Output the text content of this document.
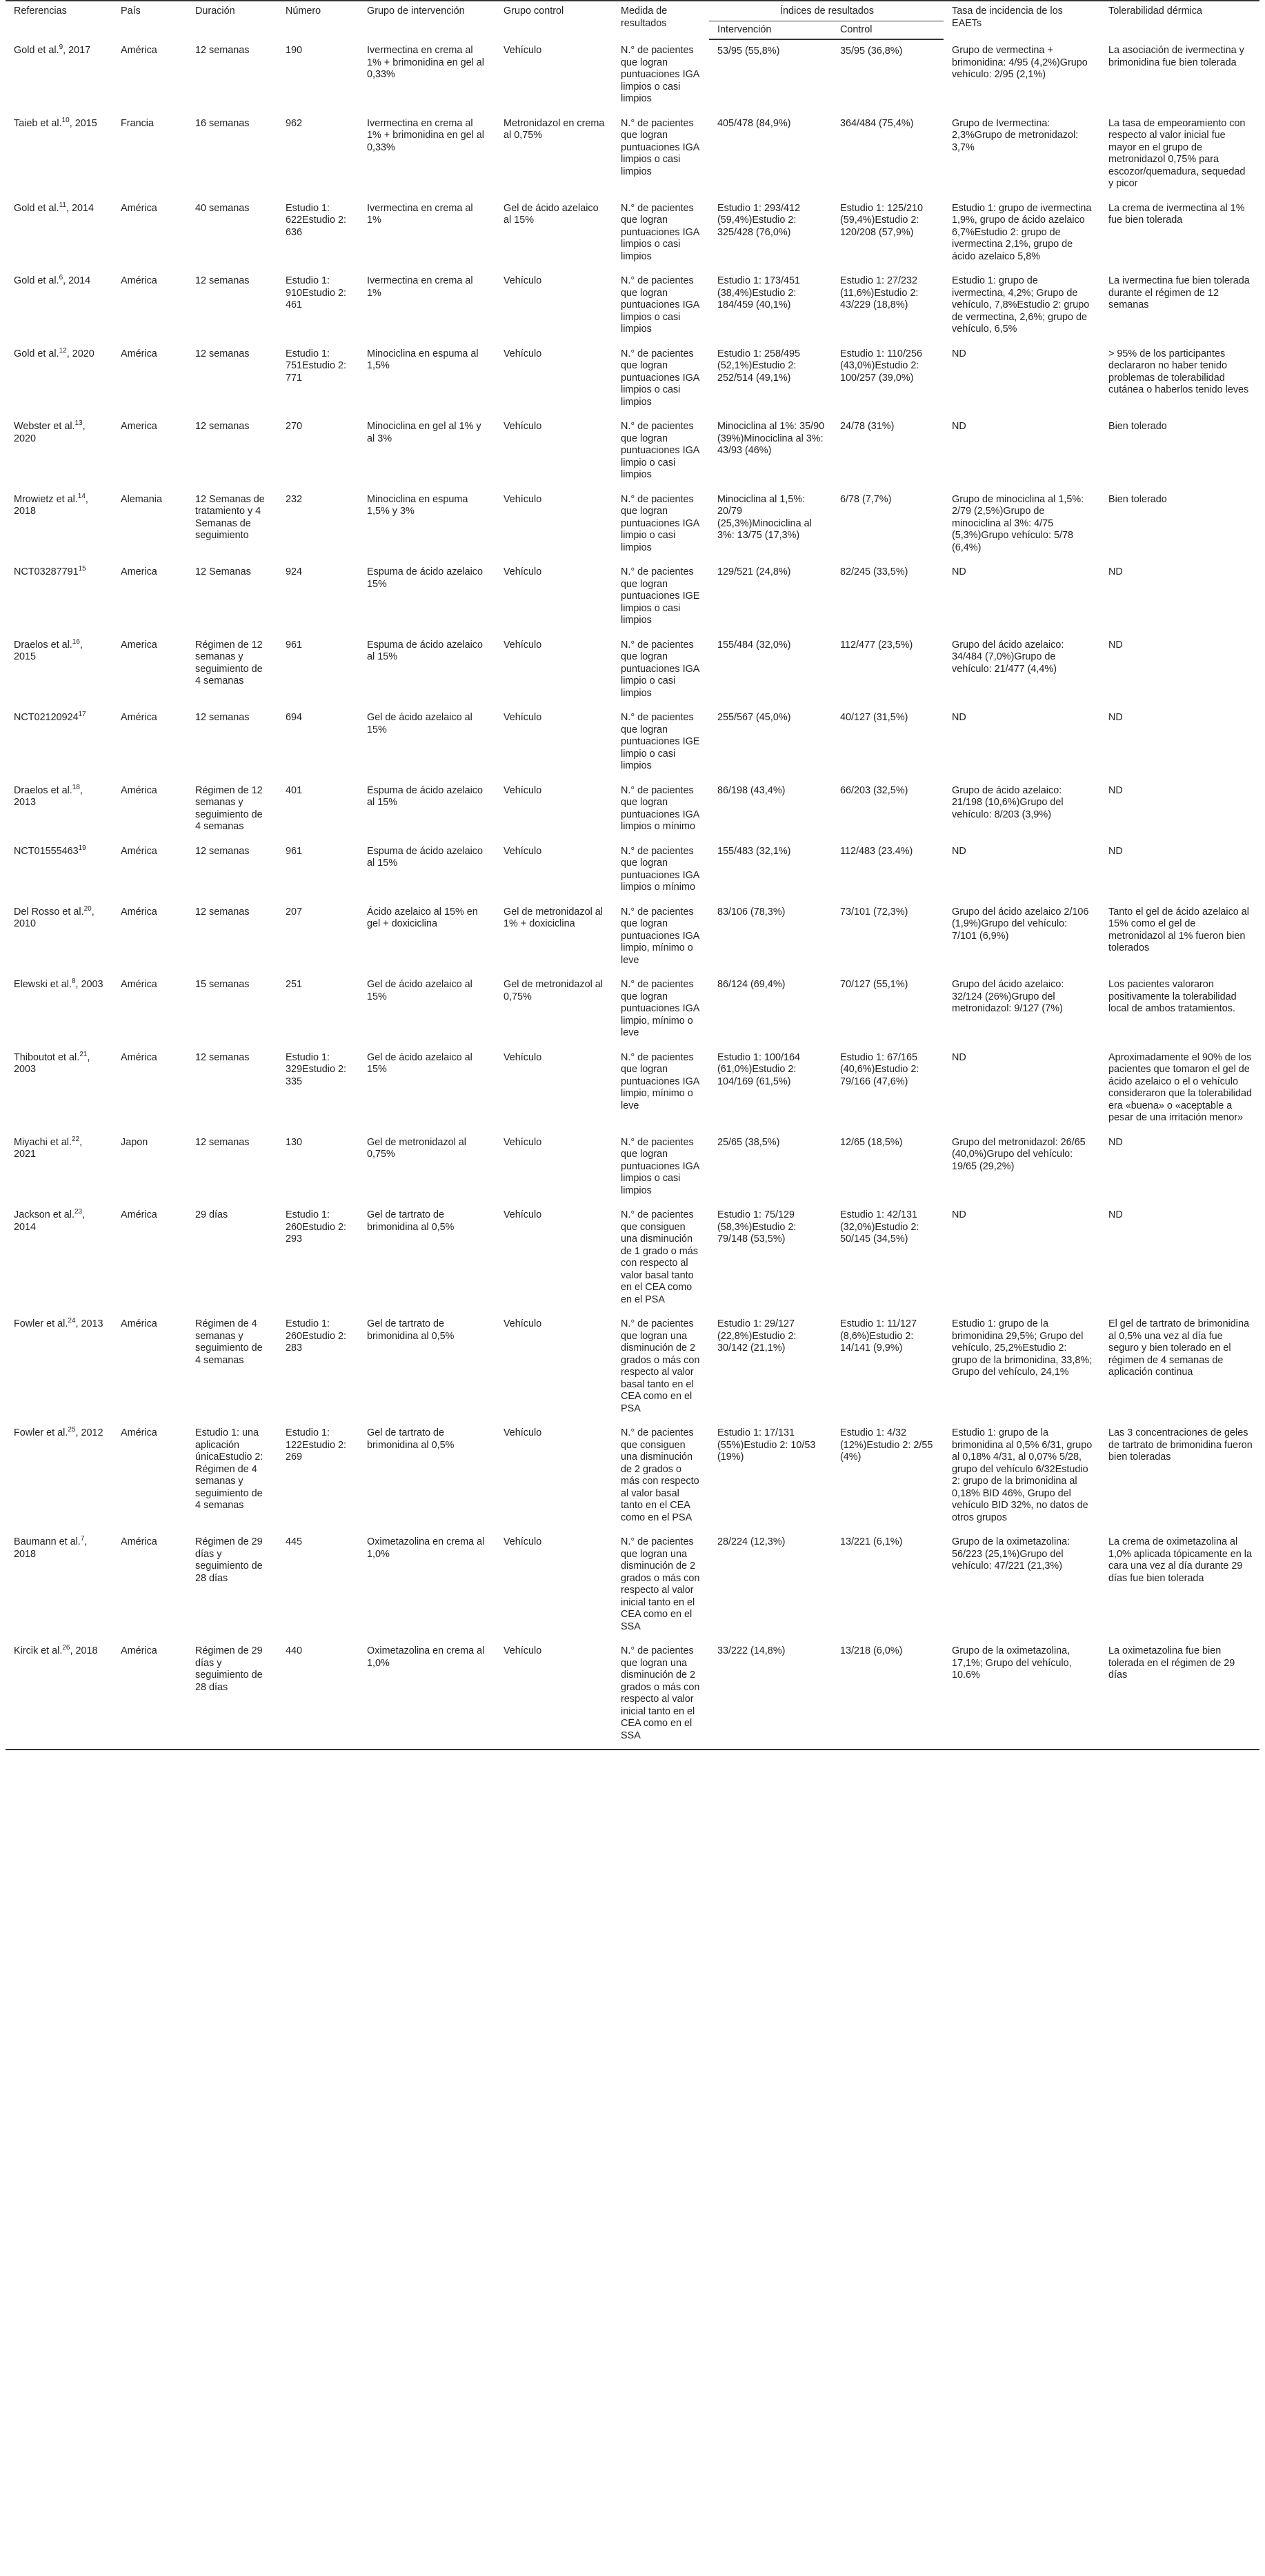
Referencias	País	Duración	Número	Grupo de intervención	Grupo control	Medida de resultados	Índices de resultados		Tasa de incidencia de los EAETs	Tolerabilidad dérmica
							Intervención	Control		
Gold et al.$^9$, 2017	América	12 semanas	190	Ivermectina en crema al 1% + brimonidina en gel al 0,33%	Vehículo	N.° de pacientes que logran puntuaciones IGA limpios o casi limpios	53/95 (55,8%)	35/95 (36,8%)	Grupo de vermectina + brimonidina: 4/95 (4,2%)Grupo vehículo: 2/95 (2,1%)	La asociación de ivermectina y brimonidina fue bien tolerada
Taieb et al.$^{10}$, 2015	Francia	16 semanas	962	Ivermectina en crema al 1% + brimonidina en gel al 0,33%	Metronidazol en crema al 0,75%	N.° de pacientes que logran puntuaciones IGA limpios o casi limpios	405/478 (84,9%)	364/484 (75,4%)	Grupo de Ivermectina: 2,3%Grupo de metronidazol: 3,7%	La tasa de empeoramiento con respecto al valor inicial fue mayor en el grupo de metronidazol 0,75% para escozor/quemadura, sequedad y picor
Gold et al.$^{11}$, 2014	América	40 semanas	Estudio 1: 622Estudio 2: 636	Ivermectina en crema al 1%	Gel de ácido azelaico al 15%	N.° de pacientes que logran puntuaciones IGA limpios o casi limpios	Estudio 1: 293/412 (59,4%)Estudio 2: 325/428 (76,0%)	Estudio 1: 125/210 (59,4%)Estudio 2: 120/208 (57,9%)	Estudio 1: grupo de ivermectina 1,9%, grupo de ácido azelaico 6,7%Estudio 2: grupo de ivermectina 2,1%, grupo de ácido azelaico 5,8%	La crema de ivermectina al 1% fue bien tolerada
Gold et al.$^6$, 2014	América	12 semanas	Estudio 1: 910Estudio 2: 461	Ivermectina en crema al 1%	Vehículo	N.° de pacientes que logran puntuaciones IGA limpios o casi limpios	Estudio 1: 173/451 (38,4%)Estudio 2: 184/459 (40,1%)	Estudio 1: 27/232 (11,6%)Estudio 2: 43/229 (18,8%)	Estudio 1: grupo de ivermectina, 4,2%; Grupo de vehículo, 7,8%Estudio 2: grupo de vermectina, 2,6%; grupo de vehículo, 6,5%	La ivermectina fue bien tolerada durante el régimen de 12 semanas
Gold et al.$^{12}$, 2020	América	12 semanas	Estudio 1: 751Estudio 2: 771	Minociclina en espuma al 1,5%	Vehículo	N.° de pacientes que logran puntuaciones IGA limpios o casi limpios	Estudio 1: 258/495 (52,1%)Estudio 2: 252/514 (49,1%)	Estudio 1: 110/256 (43,0%)Estudio 2: 100/257 (39,0%)	ND	> 95% de los participantes declararon no haber tenido problemas de tolerabilidad cutánea o haberlos tenido leves
Webster et al.$^{13}$, 2020	America	12 semanas	270	Minociclina en gel al 1% y al 3%	Vehículo	N.° de pacientes que logran puntuaciones IGA limpio o casi limpios	Minociclina al 1%: 35/90 (39%)Minociclina al 3%: 43/93 (46%)	24/78 (31%)	ND	Bien tolerado
Mrowietz et al.$^{14}$, 2018	Alemania	12 Semanas de tratamiento y 4 Semanas de seguimiento	232	Minociclina en espuma 1,5% y 3%	Vehículo	N.° de pacientes que logran puntuaciones IGA limpio o casi limpios	Minociclina al 1,5%: 20/79 (25,3%)Minociclina al 3%: 13/75 (17,3%)	6/78 (7,7%)	Grupo de minociclina al 1,5%: 2/79 (2,5%)Grupo de minociclina al 3%: 4/75 (5,3%)Grupo vehículo: 5/78 (6,4%)	Bien tolerado
NCT03287791$^{15}$	America	12 Semanas	924	Espuma de ácido azelaico 15%	Vehículo	N.° de pacientes que logran puntuaciones IGE limpios o casi limpios	129/521 (24,8%)	82/245 (33,5%)	ND	ND
Draelos et al.$^{16}$, 2015	America	Régimen de 12 semanas y seguimiento de 4 semanas	961	Espuma de ácido azelaico al 15%	Vehículo	N.° de pacientes que logran puntuaciones IGA limpio o casi limpios	155/484 (32,0%)	112/477 (23,5%)	Grupo del ácido azelaico: 34/484 (7,0%)Grupo de vehículo: 21/477 (4,4%)	ND
NCT02120924$^{17}$	América	12 semanas	694	Gel de ácido azelaico al 15%	Vehículo	N.° de pacientes que logran puntuaciones IGE limpio o casi limpios	255/567 (45,0%)	40/127 (31,5%)	ND	ND
Draelos et al.$^{18}$, 2013	América	Régimen de 12 semanas y seguimiento de 4 semanas	401	Espuma de ácido azelaico al 15%	Vehículo	N.° de pacientes que logran puntuaciones IGA limpios o mínimo	86/198 (43,4%)	66/203 (32,5%)	Grupo de ácido azelaico: 21/198 (10,6%)Grupo del vehículo: 8/203 (3,9%)	ND
NCT01555463$^{19}$	América	12 semanas	961	Espuma de ácido azelaico al 15%	Vehículo	N.° de pacientes que logran puntuaciones IGA limpios o mínimo	155/483 (32,1%)	112/483 (23.4%)	ND	ND
Del Rosso et al.$^{20}$, 2010	América	12 semanas	207	Ácido azelaico al 15% en gel + doxiciclina	Gel de metronidazol al 1% + doxiciclina	N.° de pacientes que logran puntuaciones IGA limpio, mínimo o leve	83/106 (78,3%)	73/101 (72,3%)	Grupo del ácido azelaico 2/106 (1,9%)Grupo del vehículo: 7/101 (6,9%)	Tanto el gel de ácido azelaico al 15% como el gel de metronidazol al 1% fueron bien tolerados
Elewski et al.$^8$, 2003	América	15 semanas	251	Gel de ácido azelaico al 15%	Gel de metronidazol al 0,75%	N.° de pacientes que logran puntuaciones IGA limpio, mínimo o leve	86/124 (69,4%)	70/127 (55,1%)	Grupo del ácido azelaico: 32/124 (26%)Grupo del metronidazol: 9/127 (7%)	Los pacientes valoraron positivamente la tolerabilidad local de ambos tratamientos.
Thiboutot et al.$^{21}$, 2003	América	12 semanas	Estudio 1: 329Estudio 2: 335	Gel de ácido azelaico al 15%	Vehículo	N.° de pacientes que logran puntuaciones IGA limpio, mínimo o leve	Estudio 1: 100/164 (61,0%)Estudio 2: 104/169 (61,5%)	Estudio 1: 67/165 (40,6%)Estudio 2: 79/166 (47,6%)	ND	Aproximadamente el 90% de los pacientes que tomaron el gel de ácido azelaico o el o vehículo consideraron que la tolerabilidad era «buena» o «aceptable a pesar de una irritación menor»
Miyachi et al.$^{22}$, 2021	Japon	12 semanas	130	Gel de metronidazol al 0,75%	Vehículo	N.° de pacientes que logran puntuaciones IGA limpios o casi limpios	25/65 (38,5%)	12/65 (18,5%)	Grupo del metronidazol: 26/65 (40,0%)Grupo del vehículo: 19/65 (29,2%)	ND
Jackson et al.$^{23}$, 2014	América	29 días	Estudio 1: 260Estudio 2: 293	Gel de tartrato de brimonidina al 0,5%	Vehículo	N.° de pacientes que consiguen una disminución de 1 grado o más con respecto al valor basal tanto en el CEA como en el PSA	Estudio 1: 75/129 (58,3%)Estudio 2: 79/148 (53,5%)	Estudio 1: 42/131 (32,0%)Estudio 2: 50/145 (34,5%)	ND	ND
Fowler et al.$^{24}$, 2013	América	Régimen de 4 semanas y seguimiento de 4 semanas	Estudio 1: 260Estudio 2: 283	Gel de tartrato de brimonidina al 0,5%	Vehículo	N.° de pacientes que logran una disminución de 2 grados o más con respecto al valor basal tanto en el CEA como en el PSA	Estudio 1: 29/127 (22,8%)Estudio 2: 30/142 (21,1%)	Estudio 1: 11/127 (8,6%)Estudio 2: 14/141 (9,9%)	Estudio 1: grupo de la brimonidina 29,5%; Grupo del vehículo, 25,2%Estudio 2: grupo de la brimonidina, 33,8%; Grupo del vehículo, 24,1%	El gel de tartrato de brimonidina al 0,5% una vez al día fue seguro y bien tolerado en el régimen de 4 semanas de aplicación continua
Fowler et al.$^{25}$, 2012	América	Estudio 1: una aplicación únicaEstudio 2: Régimen de 4 semanas y seguimiento de 4 semanas	Estudio 1: 122Estudio 2: 269	Gel de tartrato de brimonidina al 0,5%	Vehículo	N.° de pacientes que consiguen una disminución de 2 grados o más con respecto al valor basal tanto en el CEA como en el PSA	Estudio 1: 17/131 (55%)Estudio 2: 10/53 (19%)	Estudio 1: 4/32 (12%)Estudio 2: 2/55 (4%)	Estudio 1: grupo de la brimonidina al 0,5% 6/31, grupo al 0,18% 4/31, al 0,07% 5/28, grupo del vehículo 6/32Estudio 2: grupo de la brimonidina al 0,18% BID 46%, Grupo del vehículo BID 32%, no datos de otros grupos	Las 3 concentraciones de geles de tartrato de brimonidina fueron bien toleradas
Baumann et al.$^7$, 2018	América	Régimen de 29 días y seguimiento de 28 días	445	Oximetazolina en crema al 1,0%	Vehículo	N.° de pacientes que logran una disminución de 2 grados o más con respecto al valor inicial tanto en el CEA como en el SSA	28/224 (12,3%)	13/221 (6,1%)	Grupo de la oximetazolina: 56/223 (25,1%)Grupo del vehículo: 47/221 (21,3%)	La crema de oximetazolina al 1,0% aplicada tópicamente en la cara una vez al día durante 29 días fue bien tolerada
Kircik et al.$^{26}$, 2018	América	Régimen de 29 días y seguimiento de 28 días	440	Oximetazolina en crema al 1,0%	Vehículo	N.° de pacientes que logran una disminución de 2 grados o más con respecto al valor inicial tanto en el CEA como en el SSA	33/222 (14,8%)	13/218 (6,0%)	Grupo de la oximetazolina, 17,1%; Grupo del vehículo, 10.6%	La oximetazolina fue bien tolerada en el régimen de 29 días
